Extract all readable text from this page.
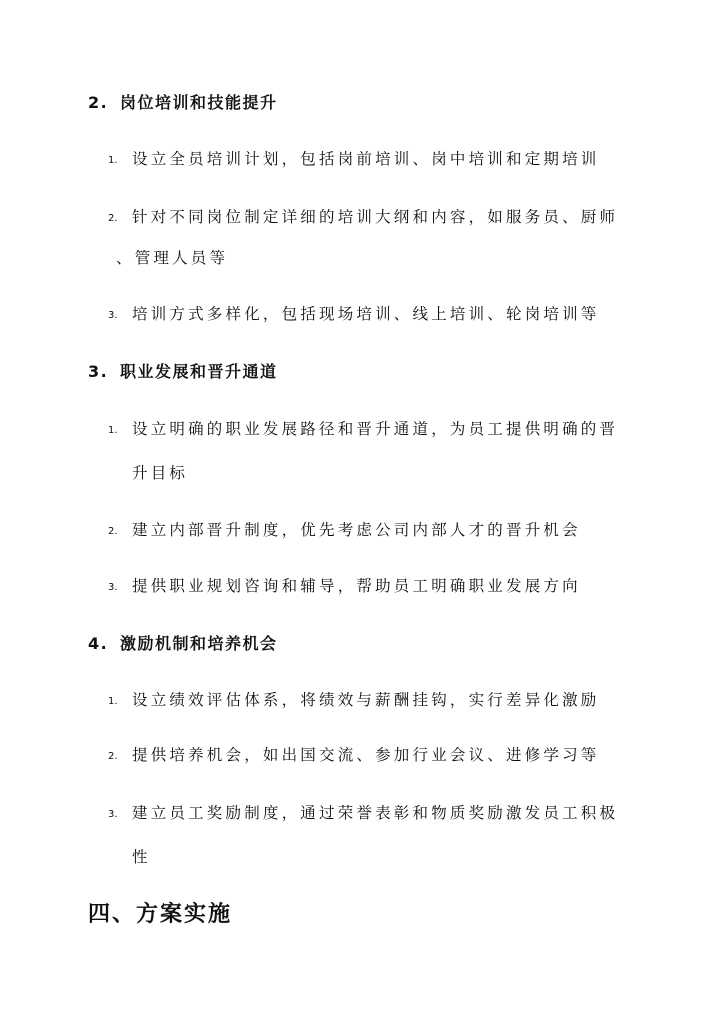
2. 岗位培训和技能提升
1. 设立全员培训计划，包括岗前培训、岗中培训和定期培训
2. 针对不同岗位制定详细的培训大纲和内容，如服务员、厨师
、管理人员等
3. 培训方式多样化，包括现场培训、线上培训、轮岗培训等
3. 职业发展和晋升通道
1. 设立明确的职业发展路径和晋升通道，为员工提供明确的晋
升目标
2. 建立内部晋升制度，优先考虑公司内部人才的晋升机会
3. 提供职业规划咨询和辅导，帮助员工明确职业发展方向
4. 激励机制和培养机会
1. 设立绩效评估体系，将绩效与薪酬挂钩，实行差异化激励
2. 提供培养机会，如出国交流、参加行业会议、进修学习等
3. 建立员工奖励制度，通过荣誉表彰和物质奖励激发员工积极
性
四、方案实施
